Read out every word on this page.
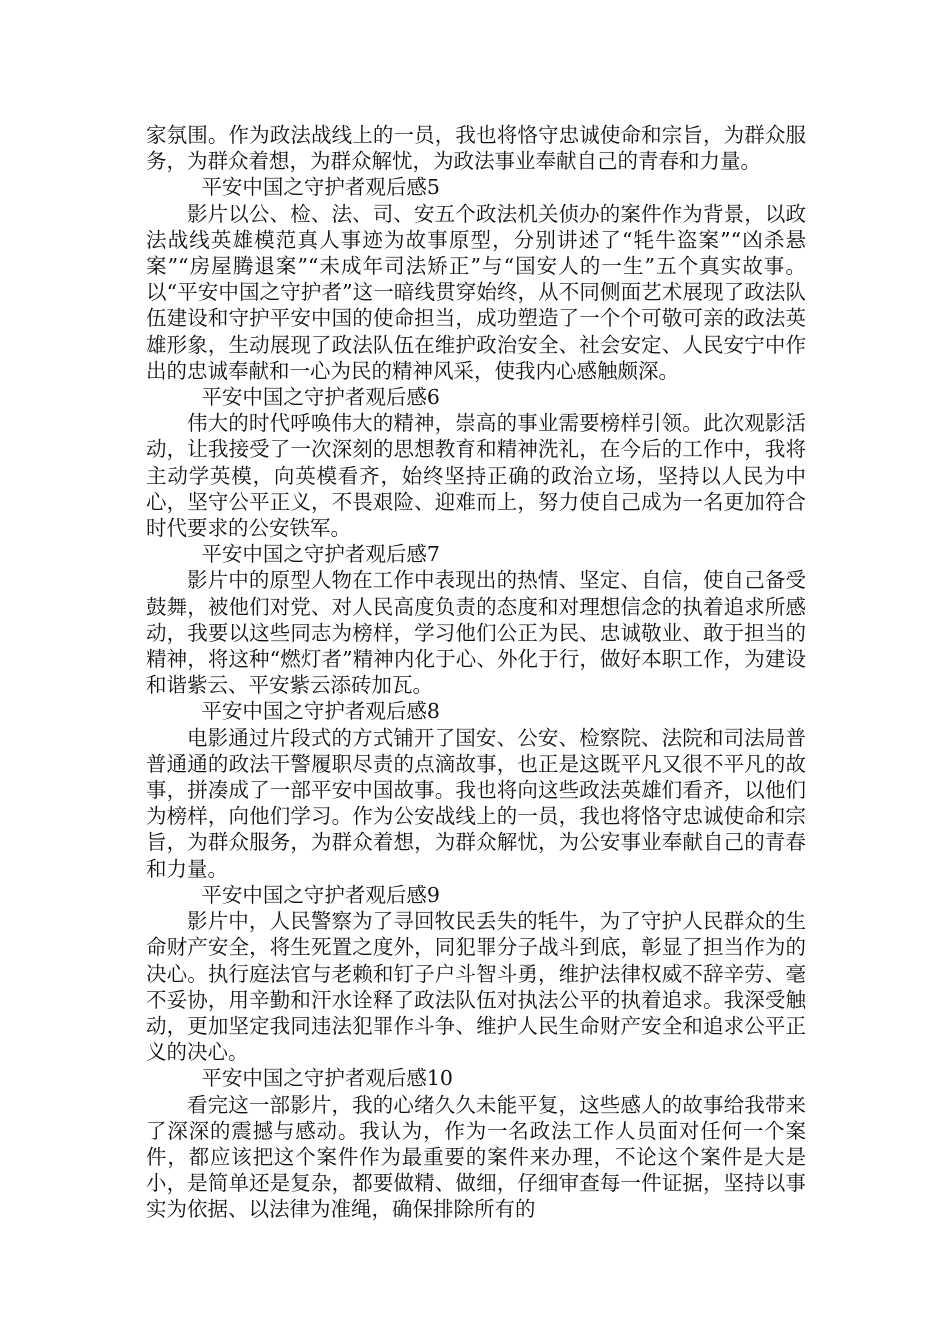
家氛围。作为政法战线上的一员，我也将恪守忠诚使命和宗旨，为群众服务，为群众着想，为群众解忧，为政法事业奉献自己的青春和力量。

平安中国之守护者观后感5

影片以公、检、法、司、安五个政法机关侦办的案件作为背景，以政法战线英雄模范真人事迹为故事原型，分别讲述了“牦牛盗案”“凶杀悬案”“房屋腾退案”“未成年司法矫正”与“国安人的一生”五个真实故事。以“平安中国之守护者”这一暗线贯穿始终，从不同侧面艺术展现了政法队伍建设和守护平安中国的使命担当，成功塑造了一个个可敬可亲的政法英雄形象，生动展现了政法队伍在维护政治安全、社会安定、人民安宁中作出的忠诚奉献和一心为民的精神风采，使我内心感触颇深。

平安中国之守护者观后感6

伟大的时代呼唤伟大的精神，崇高的事业需要榜样引领。此次观影活动，让我接受了一次深刻的思想教育和精神洗礼，在今后的工作中，我将主动学英模，向英模看齐，始终坚持正确的政治立场，坚持以人民为中心，坚守公平正义，不畏艰险、迎难而上，努力使自己成为一名更加符合时代要求的公安铁军。

平安中国之守护者观后感7

影片中的原型人物在工作中表现出的热情、坚定、自信，使自己备受鼓舞，被他们对党、对人民高度负责的态度和对理想信念的执着追求所感动，我要以这些同志为榜样，学习他们公正为民、忠诚敬业、敢于担当的精神，将这种“燃灯者”精神内化于心、外化于行，做好本职工作，为建设和谐紫云、平安紫云添砖加瓦。

平安中国之守护者观后感8

电影通过片段式的方式铺开了国安、公安、检察院、法院和司法局普普通通的政法干警履职尽责的点滴故事，也正是这既平凡又很不平凡的故事，拼凑成了一部平安中国故事。我也将向这些政法英雄们看齐，以他们为榜样，向他们学习。作为公安战线上的一员，我也将恪守忠诚使命和宗旨，为群众服务，为群众着想，为群众解忧，为公安事业奉献自己的青春和力量。

平安中国之守护者观后感9

影片中，人民警察为了寻回牧民丢失的牦牛，为了守护人民群众的生命财产安全，将生死置之度外，同犯罪分子战斗到底，彰显了担当作为的决心。执行庭法官与老赖和钉子户斗智斗勇，维护法律权威不辞辛劳、毫不妥协，用辛勤和汗水诠释了政法队伍对执法公平的执着追求。我深受触动，更加坚定我同违法犯罪作斗争、维护人民生命财产安全和追求公平正义的决心。

平安中国之守护者观后感10

看完这一部影片，我的心绪久久未能平复，这些感人的故事给我带来了深深的震撼与感动。我认为，作为一名政法工作人员面对任何一个案件，都应该把这个案件作为最重要的案件来办理，不论这个案件是大是小，是简单还是复杂，都要做精、做细，仔细审查每一件证据，坚持以事实为依据、以法律为准绳，确保排除所有的
